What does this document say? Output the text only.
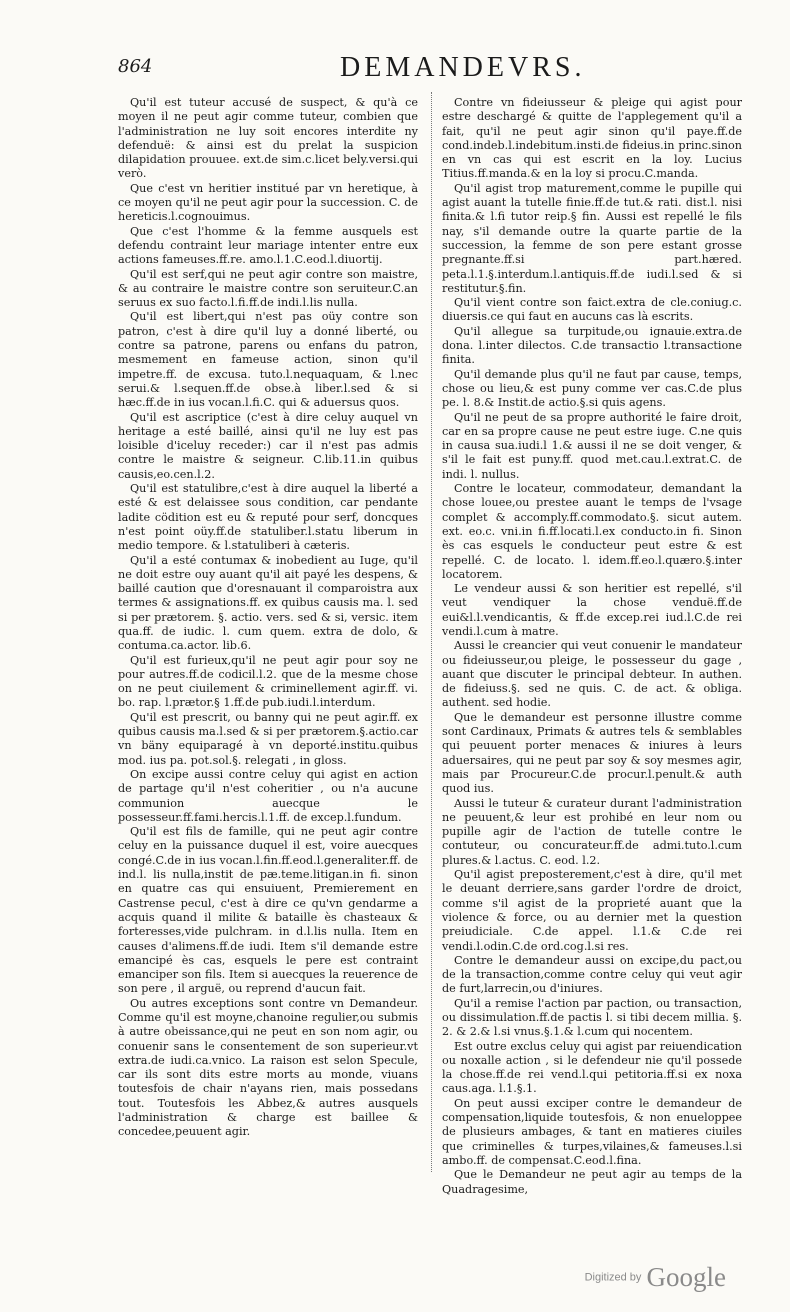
864	DEMANDEVRS.

Qu'il est tuteur accusé de suspect, & qu'à ce moyen il ne peut agir comme tuteur, combien que l'administration ne luy soit encores interdite ny defenduë: & ainsi est du prelat la suspicion dilapidation prouuee. ext.de sim.c.licet bely.versi.qui verò.

Que c'est vn heritier institué par vn heretique, à ce moyen qu'il ne peut agir pour la succession. C. de hereticis.l.cognouimus.

Que c'est l'homme & la femme ausquels est defendu contraint leur mariage intenter entre eux actions fameuses.ff.re. amo.l.1.C.eod.l.diuortij.

Qu'il est serf,qui ne peut agir contre son maistre, & au contraire le maistre contre son seruiteur.C.an seruus ex suo facto.l.fi.ff.de indi.l.lis nulla.

Qu'il est libert,qui n'est pas oüy contre son patron, c'est à dire qu'il luy a donné liberté, ou contre sa patrone, parens ou enfans du patron, mesmement en fameuse action, sinon qu'il impetre.ff. de excusa. tuto.l.nequaquam, & l.nec serui.& l.sequen.ff.de obse.à liber.l.sed & si hæc.ff.de in ius vocan.l.fi.C. qui & aduersus quos.

Qu'il est ascriptice (c'est à dire celuy auquel vn heritage a esté baillé, ainsi qu'il ne luy est pas loisible d'iceluy receder:) car il n'est pas admis contre le maistre & seigneur. C.lib.11.in quibus causis,eo.cen.l.2.

Qu'il est statulibre,c'est à dire auquel la liberté a esté & est delaissee sous condition, car pendante ladite cödition est eu & reputé pour serf, doncques n'est point oüy.ff.de statuliber.l.statu liberum in medio tempore. & l.statuliberi à cæteris.

Qu'il a esté contumax & inobedient au Iuge, qu'il ne doit estre ouy auant qu'il ait payé les despens, & baillé caution que d'oresnauant il comparoistra aux termes & assignations.ff. ex quibus causis ma. l. sed si per prætorem. §. actio. vers. sed & si, versic. item qua.ff. de iudic. l. cum quem. extra de dolo, & contuma.ca.actor. lib.6.

Qu'il est furieux,qu'il ne peut agir pour soy ne pour autres.ff.de codicil.l.2. que de la mesme chose on ne peut ciuilement & criminellement agir.ff. vi. bo. rap. l.prætor.§ 1.ff.de pub.iudi.l.interdum.

Qu'il est prescrit, ou banny qui ne peut agir.ff. ex quibus causis ma.l.sed & si per prætorem.§.actio.car vn bäny equiparagé à vn deporté.institu.quibus mod. ius pa. pot.sol.§. relegati , in gloss.

On excipe aussi contre celuy qui agist en action de partage qu'il n'est coheritier , ou n'a aucune communion auecque le possesseur.ff.fami.hercis.l.1.ff. de excep.l.fundum.

Qu'il est fils de famille, qui ne peut agir contre celuy en la puissance duquel il est, voire auecques congé.C.de in ius vocan.l.fin.ff.eod.l.generaliter.ff. de ind.l. lis nulla,instit de pæ.teme.litigan.in fi. sinon en quatre cas qui ensuiuent, Premierement en Castrense pecul, c'est à dire ce qu'vn gendarme a acquis quand il milite & bataille ès chasteaux & forteresses,vide pulchram. in d.l.lis nulla. Item en causes d'alimens.ff.de iudi. Item s'il demande estre emancipé ès cas, esquels le pere est contraint emanciper son fils. Item si auecques la reuerence de son pere , il arguë, ou reprend d'aucun fait.

Ou autres exceptions sont contre vn Demandeur. Comme qu'il est moyne,chanoine regulier,ou submis à autre obeissance,qui ne peut en son nom agir, ou conuenir sans le consentement de son superieur.vt extra.de iudi.ca.vnico. La raison est selon Specule, car ils sont dits estre morts au monde, viuans toutesfois de chair n'ayans rien, mais possedans tout. Toutesfois les Abbez,& autres ausquels l'administration & charge est baillee & concedee,peuuent agir.

Contre vn fideiusseur & pleige qui agist pour estre deschargé & quitte de l'applegement qu'il a fait, qu'il ne peut agir sinon qu'il paye.ff.de cond.indeb.l.indebitum.insti.de fideius.in princ.sinon en vn cas qui est escrit en la loy. Lucius Titius.ff.manda.& en la loy si procu.C.manda.

Qu'il agist trop maturement,comme le pupille qui agist auant la tutelle finie.ff.de tut.& rati. dist.l. nisi finita.& l.fi tutor reip.§ fin. Aussi est repellé le fils nay, s'il demande outre la quarte partie de la succession, la femme de son pere estant grosse pregnante.ff.si part.hæred. peta.l.1.§.interdum.l.antiquis.ff.de iudi.l.sed & si restitutur.§.fin.

Qu'il vient contre son faict.extra de cle.coniug.c. diuersis.ce qui faut en aucuns cas là escrits.

Qu'il allegue sa turpitude,ou ignauie.extra.de dona. l.inter dilectos. C.de transactio l.transactione finita.

Qu'il demande plus qu'il ne faut par cause, temps, chose ou lieu,& est puny comme ver cas.C.de plus pe. l. 8.& Instit.de actio.§.si quis agens.

Qu'il ne peut de sa propre authorité le faire droit, car en sa propre cause ne peut estre iuge. C.ne quis in causa sua.iudi.l 1.& aussi il ne se doit venger, & s'il le fait est puny.ff. quod met.cau.l.extrat.C. de indi. l. nullus.

Contre le locateur, commodateur, demandant la chose louee,ou prestee auant le temps de l'vsage complet & accomply.ff.commodato.§. sicut autem. ext. eo.c. vni.in fi.ff.locati.l.ex conducto.in fi. Sinon ès cas esquels le conducteur peut estre & est repellé. C. de locato. l. idem.ff.eo.l.quæro.§.inter locatorem.

Le vendeur aussi & son heritier est repellé, s'il veut vendiquer la chose venduë.ff.de eui&l.l.vendicantis, & ff.de excep.rei iud.l.C.de rei vendi.l.cum à matre.

Aussi le creancier qui veut conuenir le mandateur ou fideiusseur,ou pleige, le possesseur du gage , auant que discuter le principal debteur. In authen. de fideiuss.§. sed ne quis. C. de act. & obliga. authent. sed hodie.

Que le demandeur est personne illustre comme sont Cardinaux, Primats & autres tels & semblables qui peuuent porter menaces & iniures à leurs aduersaires, qui ne peut par soy & soy mesmes agir, mais par Procureur.C.de procur.l.penult.& auth quod ius.

Aussi le tuteur & curateur durant l'administration ne peuuent,& leur est prohibé en leur nom ou pupille agir de l'action de tutelle contre le contuteur, ou concurateur.ff.de admi.tuto.l.cum plures.& l.actus. C. eod. l.2.

Qu'il agist preposterement,c'est à dire, qu'il met le deuant derriere,sans garder l'ordre de droict, comme s'il agist de la proprieté auant que la violence & force, ou au dernier met la question preiudiciale. C.de appel. l.1.& C.de rei vendi.l.odin.C.de ord.cog.l.si res.

Contre le demandeur aussi on excipe,du pact,ou de la transaction,comme contre celuy qui veut agir de furt,larrecin,ou d'iniures.

Qu'il a remise l'action par paction, ou transaction, ou dissimulation.ff.de pactis l. si tibi decem millia. §. 2. & 2.& l.si vnus.§.1.& l.cum qui nocentem.

Est outre exclus celuy qui agist par reiuendication ou noxalle action , si le defendeur nie qu'il possede la chose.ff.de rei vend.l.qui petitoria.ff.si ex noxa caus.aga. l.1.§.1.

On peut aussi exciper contre le demandeur de compensation,liquide toutesfois, & non enueloppee de plusieurs ambages, & tant en matieres ciuiles que criminelles & turpes,vilaines,& fameuses.l.si ambo.ff. de compensat.C.eod.l.fina.

Que le Demandeur ne peut agir au temps de la Quadragesime,

Digitized by Google
